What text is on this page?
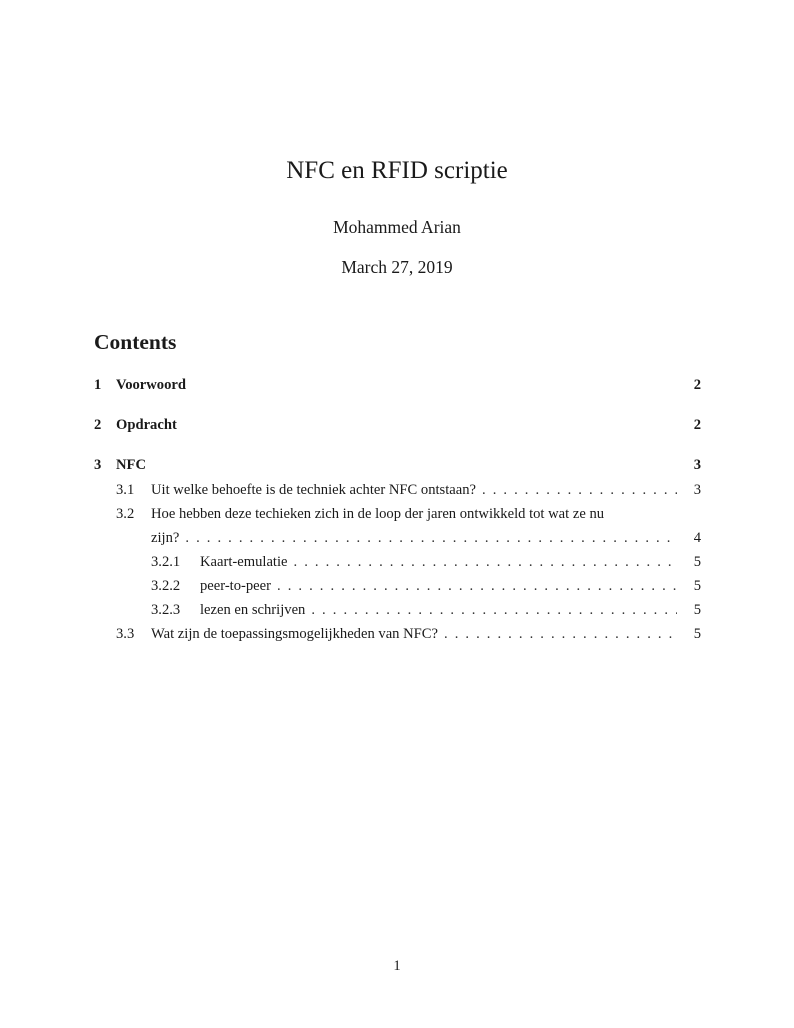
NFC en RFID scriptie
Mohammed Arian
March 27, 2019
Contents
1	Voorwoord	2
2	Opdracht	2
3	NFC	3
3.1	Uit welke behoefte is de techniek achter NFC ontstaan? . . .	3
3.2	Hoe hebben deze techieken zich in de loop der jaren ontwikkeld tot wat ze nu
zijn? . . .	4
3.2.1	Kaart-emulatie . . .	5
3.2.2	peer-to-peer . . .	5
3.2.3	lezen en schrijven . . .	5
3.3	Wat zijn de toepassingsmogelijkheden van NFC? . . .	5
1
